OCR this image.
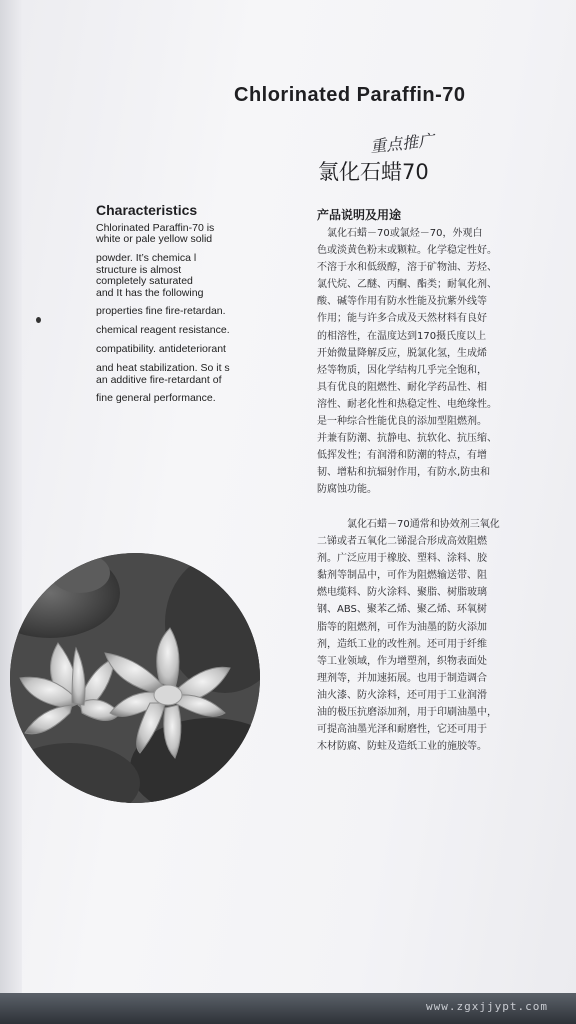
Chlorinated Paraffin-70
重点推广
氯化石蜡70
Characteristics
Chlorinated Paraffin-70 is
white or pale yellow solid
powder. It’s chemica l
structure is almost
completely saturated
and It has the following
properties fine fire-retardan.
chemical reagent resistance.
compatibility. antideteriorant
and heat stabilization. So it s
an additive fire-retardant of
fine general performance.
产品说明及用途
氯化石蜡－70或氯烃－70，外观白
色或淡黄色粉末或颗粒。化学稳定性好。
不溶于水和低级醇，溶于矿物油、芳烃、
氯代烷、乙醚、丙酮、酯类；耐氧化剂、
酸、碱等作用有防水性能及抗紫外线等
作用；能与许多合成及天然材料有良好
的相溶性，在温度达到170摄氏度以上
开始微量降解反应，脱氯化氢，生成烯
烃等物质，因化学结构几乎完全饱和，
具有优良的阻燃性、耐化学药品性、相
溶性、耐老化性和热稳定性、电绝缘性。
是一种综合性能优良的添加型阻燃剂。
并兼有防潮、抗静电、抗软化、抗压缩、
低挥发性；有润滑和防潮的特点，有增
韧、增粘和抗辐射作用，有防水,防虫和
防腐蚀功能。
氯化石蜡－70通常和协效剂三氧化
二锑或者五氧化二锑混合形成高效阻燃
剂。广泛应用于橡胶、塑料、涂料、胶
黏剂等制品中，可作为阻燃输送带、阻
燃电缆料、防火涂料、聚脂、树脂玻璃
钢、ABS、聚苯乙烯、聚乙烯、环氧树
脂等的阻燃剂，可作为油墨的防火添加
剂，造纸工业的改性剂。还可用于纤维
等工业领域，作为增塑剂，织物表面处
理剂等，并加速拓展。也用于制造调合
油火漆、防火涂料，还可用于工业润滑
油的极压抗磨添加剂，用于印刷油墨中，
可提高油墨光泽和耐磨性，它还可用于
木材防腐、防蛀及造纸工业的施胶等。
www.zgxjjypt.com
